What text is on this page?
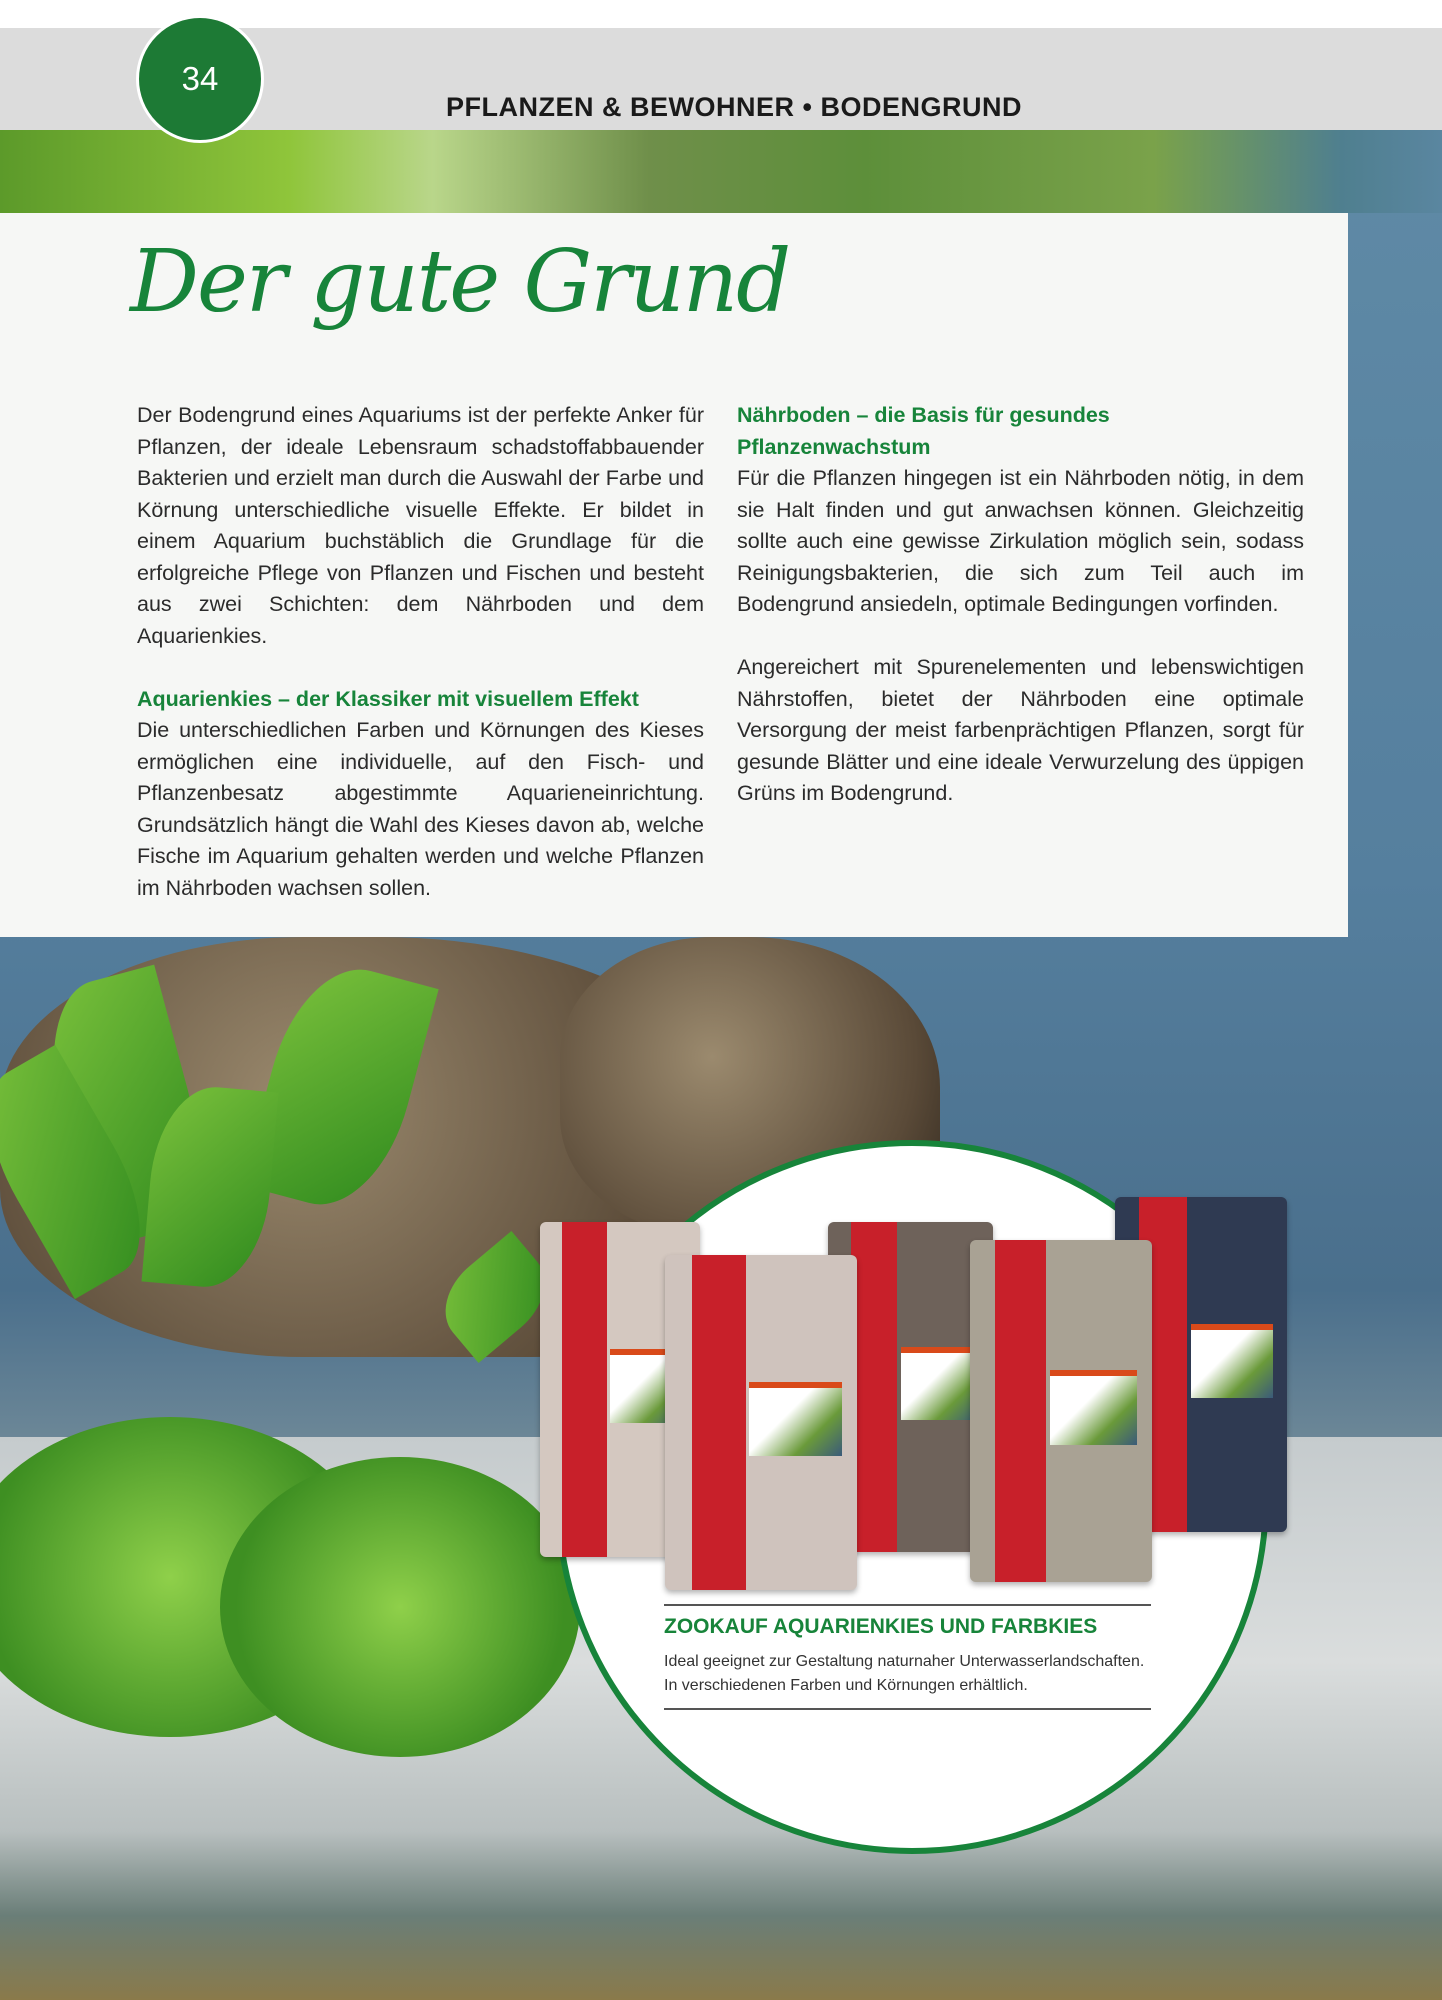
PFLANZEN & BEWOHNER • BODENGRUND
34
Der gute Grund

Der Bodengrund eines Aquariums ist der perfekte Anker für Pflanzen, der ideale Lebensraum schadstoffabbauender Bakterien und erzielt man durch die Auswahl der Farbe und Körnung unterschiedliche visuelle Effekte. Er bildet in einem Aquarium buchstäblich die Grundlage für die erfolgreiche Pflege von Pflanzen und Fischen und besteht aus zwei Schichten: dem Nährboden und dem Aquarienkies.

Aquarienkies – der Klassiker mit visuellem Effekt

Die unterschiedlichen Farben und Körnungen des Kieses ermöglichen eine individuelle, auf den Fisch- und Pflanzenbesatz abgestimmte Aquarieneinrichtung. Grundsätzlich hängt die Wahl des Kieses davon ab, welche Fische im Aquarium gehalten werden und welche Pflanzen im Nährboden wachsen sollen.

Nährboden – die Basis für gesundes Pflanzenwachstum

Für die Pflanzen hingegen ist ein Nährboden nötig, in dem sie Halt finden und gut anwachsen können. Gleichzeitig sollte auch eine gewisse Zirkulation möglich sein, sodass Reinigungsbakterien, die sich zum Teil auch im Bodengrund ansiedeln, optimale Bedingungen vorfinden.

Angereichert mit Spurenelementen und lebenswichtigen Nährstoffen, bietet der Nährboden eine optimale Versorgung der meist farbenprächtigen Pflanzen, sorgt für gesunde Blätter und eine ideale Verwurzelung des üppigen Grüns im Bodengrund.

ZOOKAUF AQUARIENKIES UND FARBKIES
Ideal geeignet zur Gestaltung naturnaher Unterwasserlandschaften.
In verschiedenen Farben und Körnungen erhältlich.
